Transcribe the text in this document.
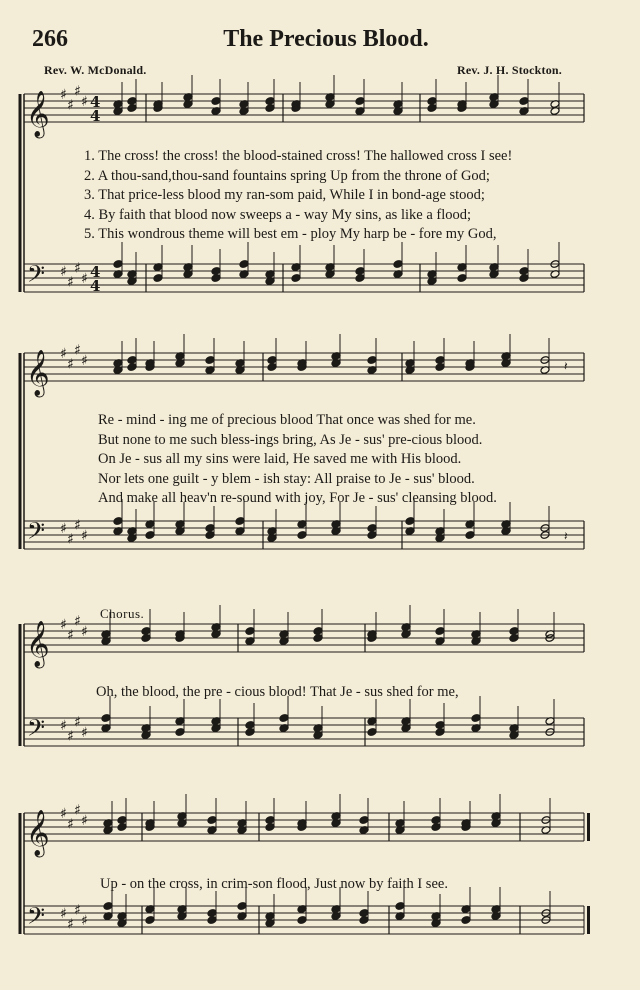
266	The Precious Blood.
Rev. W. McDonald.	Rev. J. H. Stockton.
Chorus.
𝄞 ♯
♯
♯
♯
𝄢 ♯
♯
♯
♯
4
4
4
4
𝄞 ♯
♯
♯
♯
𝄢 ♯
♯
♯
♯
𝄞 ♯
♯
♯
♯
𝄢 ♯
♯
♯
♯
𝄞 ♯
♯
♯
♯
𝄢 ♯
♯
♯
♯
𝄽
𝄽
1. The cross! the cross! the blood-stained cross! The hallowed cross I see!
2. A thou-sand,thou-sand fountains spring Up from the throne of God;
3. That price-less blood my ran-som paid, While I in bond-age stood;
4. By faith that blood now sweeps a - way My sins, as like a flood;
5. This wondrous theme will best em - ploy My harp be - fore my God,
Re - mind - ing me of precious blood That once was shed for me.
But none to me such bless-ings bring, As Je - sus' pre-cious blood.
On Je - sus all my sins were laid, He saved me with His blood.
Nor lets one guilt - y blem - ish stay: All praise to Je - sus' blood.
And make all heav'n re-sound with joy, For Je - sus' cleansing blood.
Oh, the blood, the pre - cious blood! That Je - sus shed for me,
Up - on the cross, in crim-son flood, Just now by faith I see.
